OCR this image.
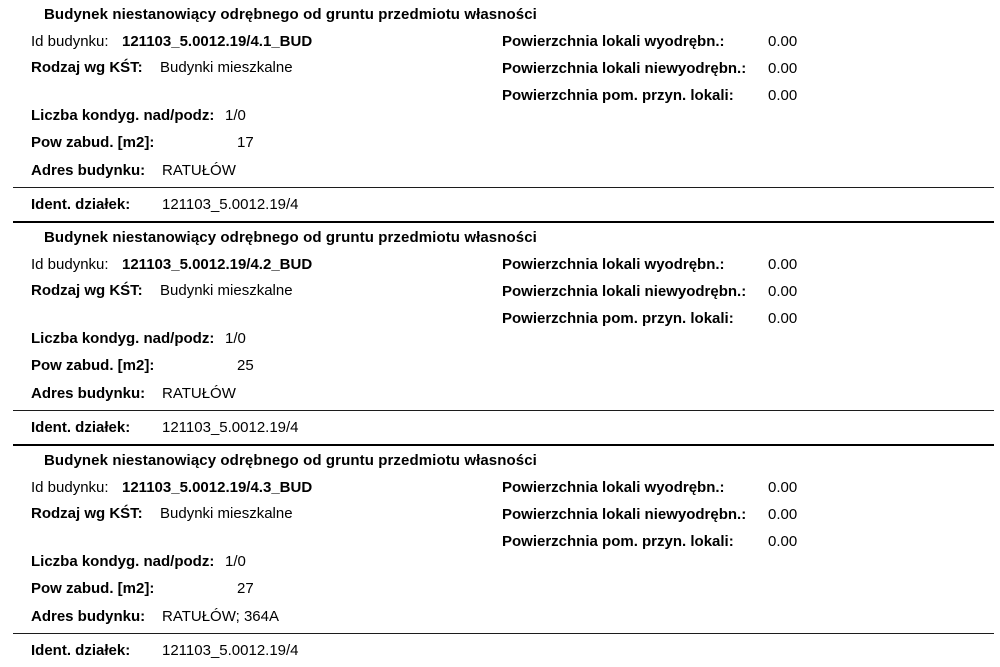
Budynek niestanowiący odrębnego od gruntu przedmiotu własności
Id budynku: 121103_5.0012.19/4.1_BUD
Rodzaj wg KŚT:	Budynki mieszkalne
Liczba kondyg. nad/podz: 1/0
Pow zabud. [m2]:	17
Adres budynku:	RATUŁÓW
Powierzchnia lokali wyodrębn.:	0.00
Powierzchnia lokali niewyodrębn.:	0.00
Powierzchnia pom. przyn. lokali:	0.00
Ident. działek:	121103_5.0012.19/4
Budynek niestanowiący odrębnego od gruntu przedmiotu własności
Id budynku: 121103_5.0012.19/4.2_BUD
Rodzaj wg KŚT:	Budynki mieszkalne
Liczba kondyg. nad/podz: 1/0
Pow zabud. [m2]:	25
Adres budynku:	RATUŁÓW
Powierzchnia lokali wyodrębn.:	0.00
Powierzchnia lokali niewyodrębn.:	0.00
Powierzchnia pom. przyn. lokali:	0.00
Ident. działek:	121103_5.0012.19/4
Budynek niestanowiący odrębnego od gruntu przedmiotu własności
Id budynku: 121103_5.0012.19/4.3_BUD
Rodzaj wg KŚT:	Budynki mieszkalne
Liczba kondyg. nad/podz: 1/0
Pow zabud. [m2]:	27
Adres budynku:	RATUŁÓW; 364A
Powierzchnia lokali wyodrębn.:	0.00
Powierzchnia lokali niewyodrębn.:	0.00
Powierzchnia pom. przyn. lokali:	0.00
Ident. działek:	121103_5.0012.19/4
